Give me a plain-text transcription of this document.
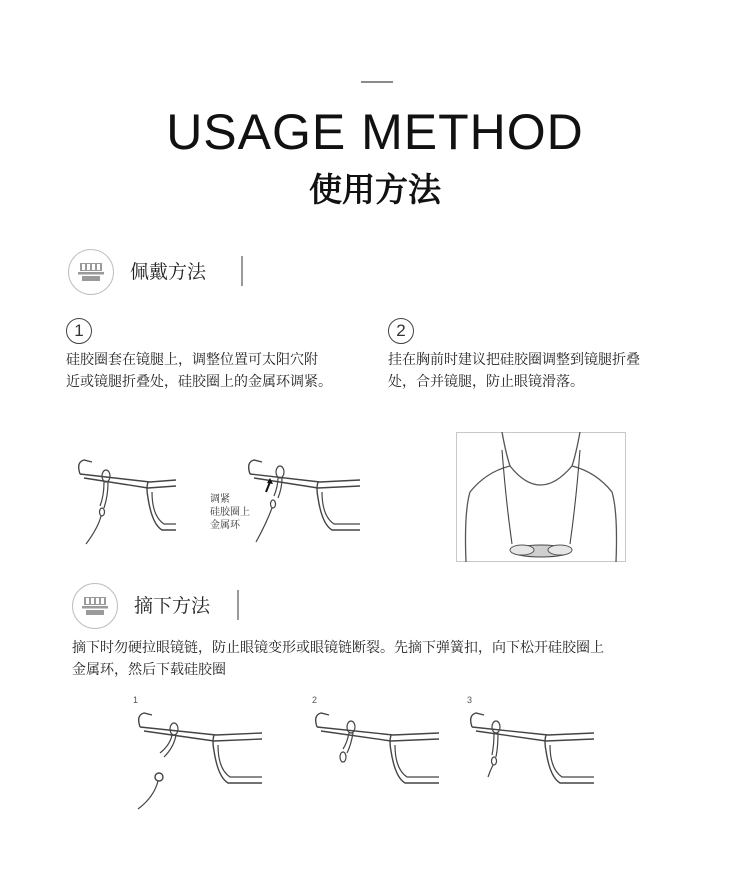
USAGE METHOD
使用方法
佩戴方法
1
硅胶圈套在镜腿上，调整位置可太阳穴附
近或镜腿折叠处，硅胶圈上的金属环调紧。
2
挂在胸前时建议把硅胶圈调整到镜腿折叠
处，合并镜腿，防止眼镜滑落。
调紧
硅胶圈上
金属环
摘下方法
摘下时勿硬拉眼镜链，防止眼镜变形或眼镜链断裂。先摘下弹簧扣，向下松开硅胶圈上
金属环，然后下载硅胶圈
1	2	3
